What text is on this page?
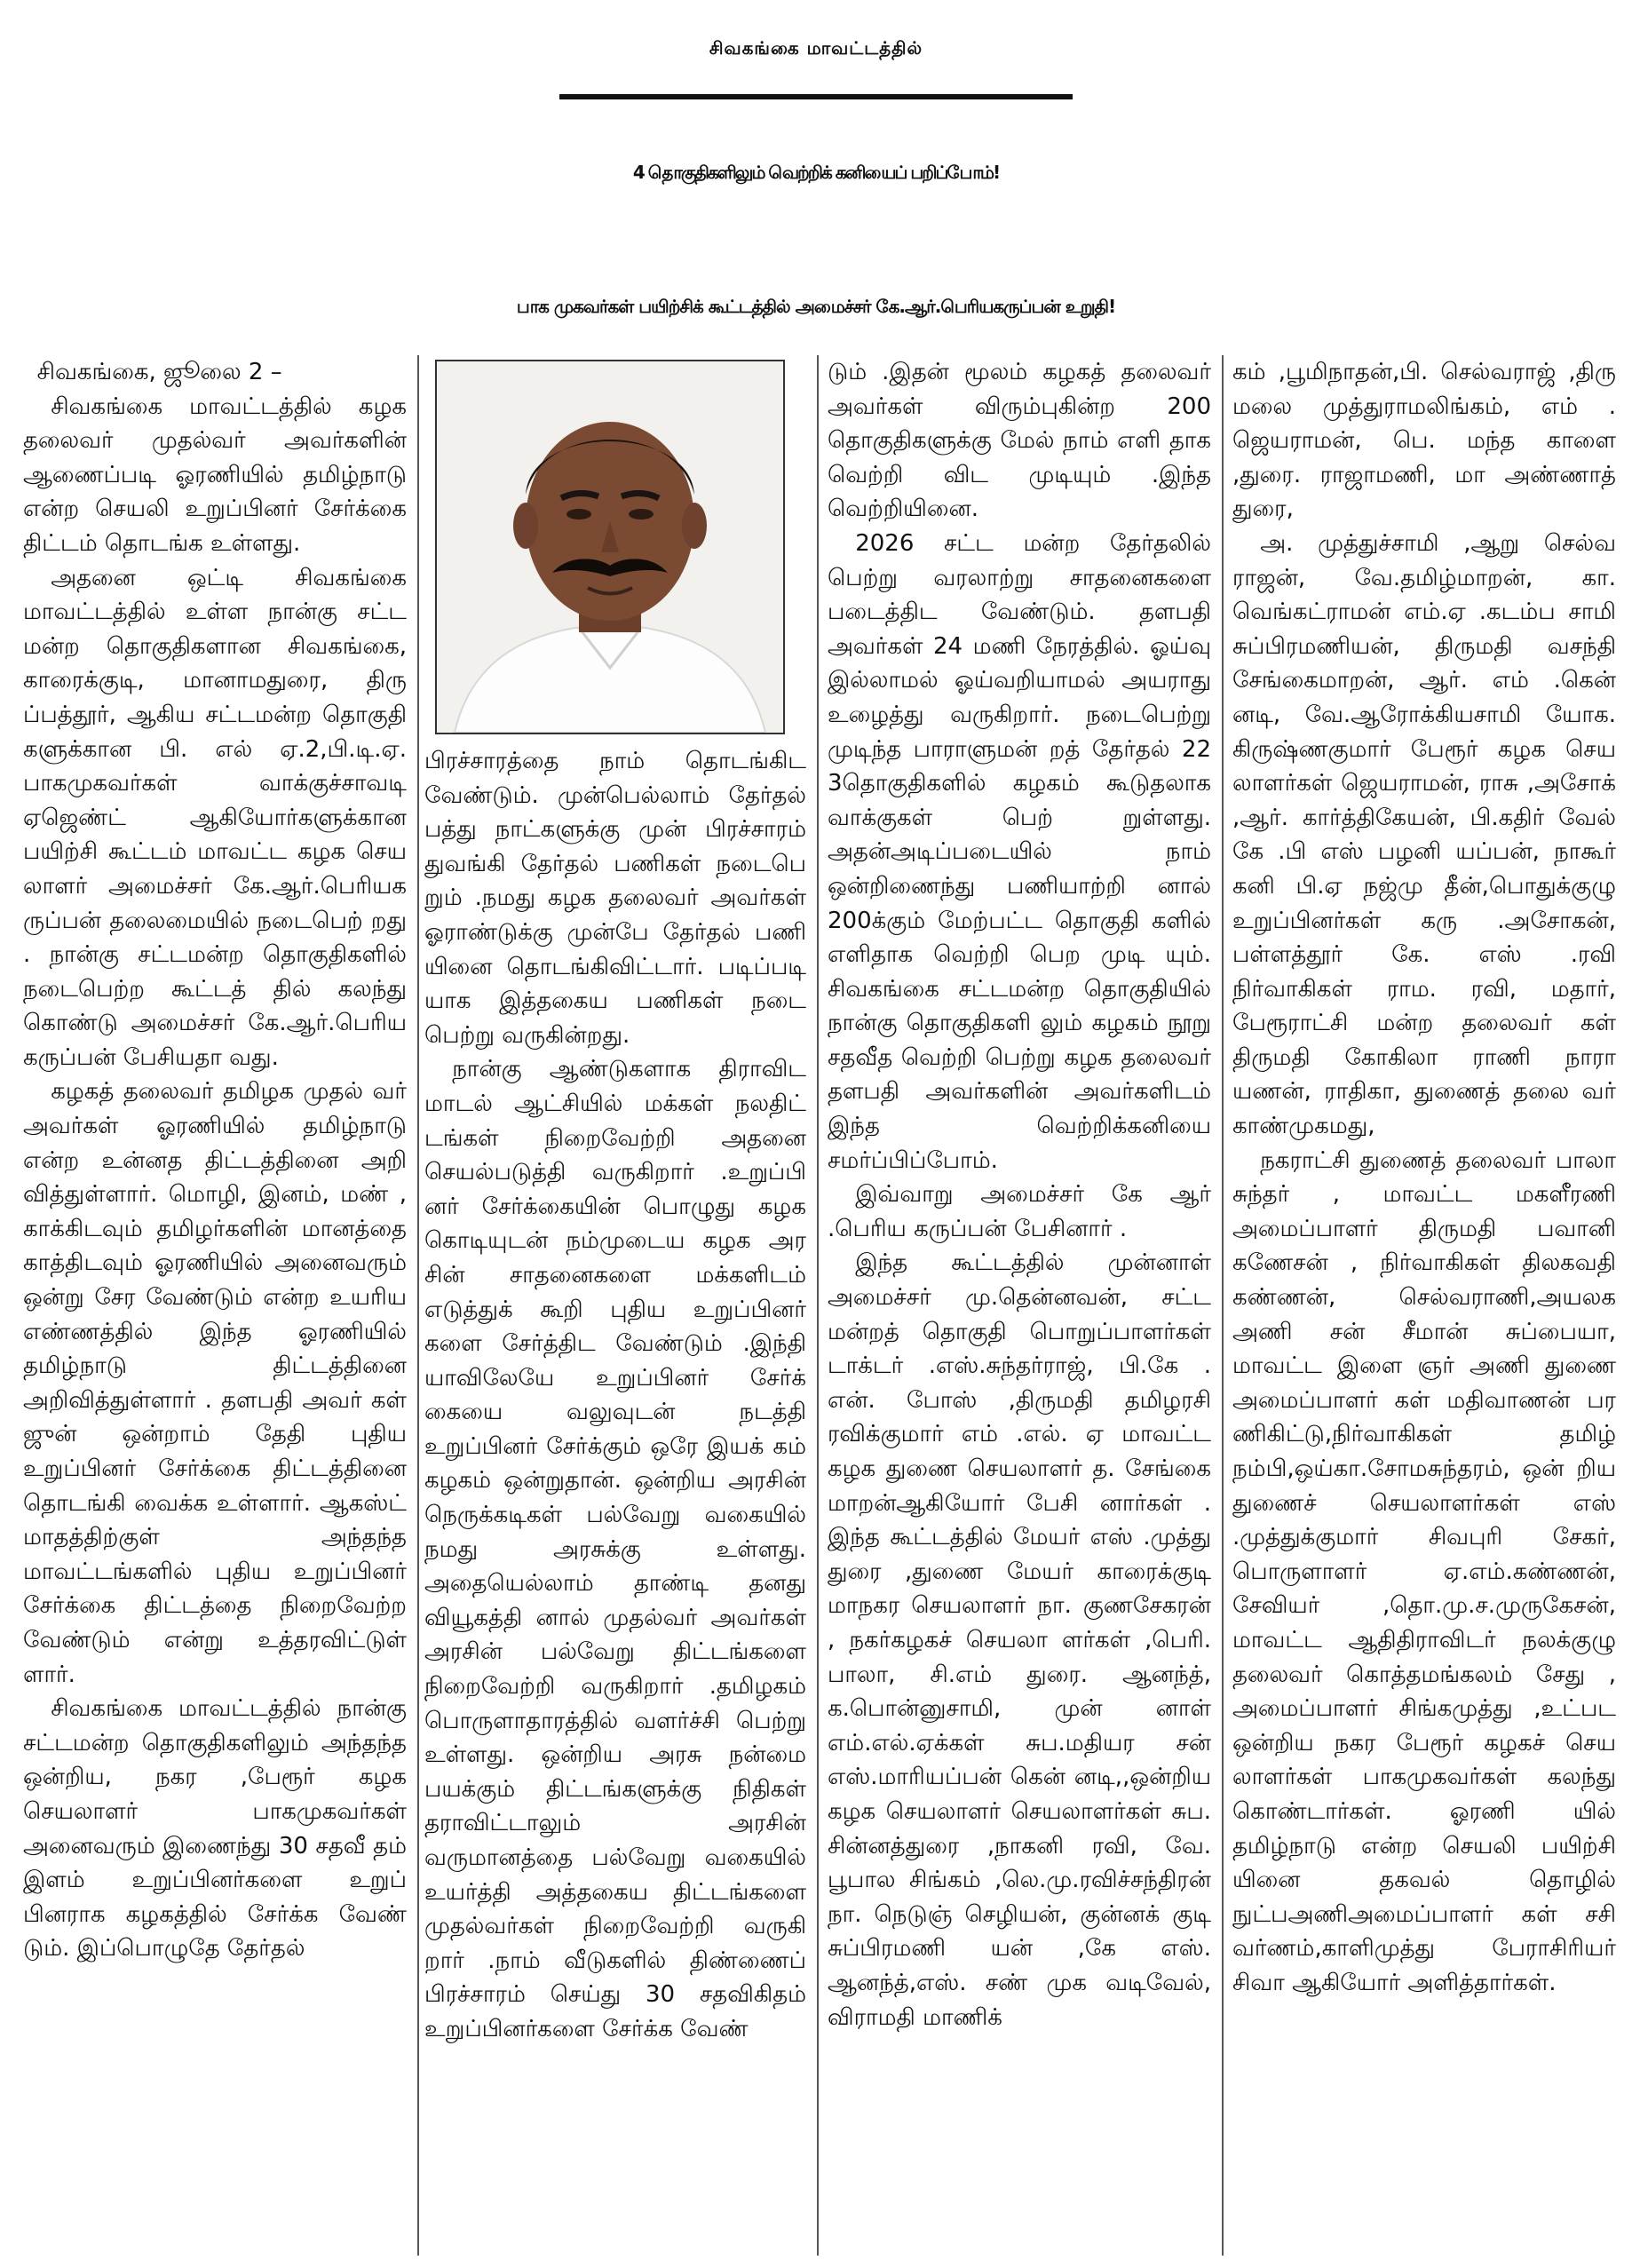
சிவகங்கை மாவட்டத்தில்
4 தொகுதிகளிலும் வெற்றிக் கனியைப் பறிப்போம்!
பாக முகவர்கள் பயிற்சிக் கூட்டத்தில் அமைச்சர் கே.ஆர்.பெரியகருப்பன் உறுதி!

சிவகங்கை, ஜூலை 2 –

சிவகங்கை மாவட்டத்தில் கழக தலைவர் முதல்வர் அவர்களின் ஆணைப்படி ஓரணியில் தமிழ்நாடு என்ற செயலி உறுப்பினர் சேர்க்கை திட்டம் தொடங்க உள்ளது.

அதனை ஒட்டி சிவகங்கை மாவட்டத்தில் உள்ள நான்கு சட்ட மன்ற தொகுதிகளான சிவகங்கை, காரைக்குடி, மானாமதுரை, திரு ப்பத்தூர், ஆகிய சட்டமன்ற தொகுதி களுக்கான பி. எல் ஏ.2,பி.டி.ஏ. பாகமுகவர்கள் வாக்குச்சாவடி ஏஜெண்ட் ஆகியோர்களுக்கான பயிற்சி கூட்டம் மாவட்ட கழக செய லாளர் அமைச்சர் கே.ஆர்.பெரியக ருப்பன் தலைமையில் நடைபெற் றது . நான்கு சட்டமன்ற தொகுதிகளில் நடைபெற்ற கூட்டத் தில் கலந்து கொண்டு அமைச்சர் கே.ஆர்.பெரிய கருப்பன் பேசியதா வது.

கழகத் தலைவர் தமிழக முதல் வர் அவர்கள் ஓரணியில் தமிழ்நாடு என்ற உன்னத திட்டத்தினை அறி வித்துள்ளார். மொழி, இனம், மண் , காக்கிடவும் தமிழர்களின் மானத்தை காத்திடவும் ஓரணியில் அனைவரும் ஒன்று சேர வேண்டும் என்ற உயரிய எண்ணத்தில் இந்த ஓரணியில் தமிழ்நாடு திட்டத்தினை அறிவித்துள்ளார் . தளபதி அவர் கள் ஜுன் ஒன்றாம் தேதி புதிய உறுப்பினர் சேர்க்கை திட்டத்தினை தொடங்கி வைக்க உள்ளார். ஆகஸ்ட் மாதத்திற்குள் அந்தந்த மாவட்டங்களில் புதிய உறுப்பினர் சேர்க்கை திட்டத்தை நிறைவேற்ற வேண்டும் என்று உத்தரவிட்டுள் ளார்.

சிவகங்கை மாவட்டத்தில் நான்கு சட்டமன்ற தொகுதிகளிலும் அந்தந்த ஒன்றிய, நகர ,பேரூர் கழக செயலாளர் பாகமுகவர்கள் அனைவரும் இணைந்து 30 சதவீ தம் இளம் உறுப்பினர்களை உறுப் பினராக கழகத்தில் சேர்க்க வேண் டும். இப்பொழுதே தேர்தல்

பிரச்சாரத்தை நாம் தொடங்கிட வேண்டும். முன்பெல்லாம் தேர்தல் பத்து நாட்களுக்கு முன் பிரச்சாரம் துவங்கி தேர்தல் பணிகள் நடைபெ றும் .நமது கழக தலைவர் அவர்கள் ஓராண்டுக்கு முன்பே தேர்தல் பணி யினை தொடங்கிவிட்டார். படிப்படி யாக இத்தகைய பணிகள் நடை பெற்று வருகின்றது.

நான்கு ஆண்டுகளாக திராவிட மாடல் ஆட்சியில் மக்கள் நலதிட் டங்கள் நிறைவேற்றி அதனை செயல்படுத்தி வருகிறார் .உறுப்பி னர் சேர்க்கையின் பொழுது கழக கொடியுடன் நம்முடைய கழக அர சின் சாதனைகளை மக்களிடம் எடுத்துக் கூறி புதிய உறுப்பினர் களை சேர்த்திட வேண்டும் .இந்தி யாவிலேயே உறுப்பினர் சேர்க் கையை வலுவுடன் நடத்தி உறுப்பினர் சேர்க்கும் ஒரே இயக் கம் கழகம் ஒன்றுதான். ஒன்றிய அரசின் நெருக்கடிகள் பல்வேறு வகையில் நமது அரசுக்கு உள்ளது. அதையெல்லாம் தாண்டி தனது வியூகத்தி னால் முதல்வர் அவர்கள் அரசின் பல்வேறு திட்டங்களை நிறைவேற்றி வருகிறார் .தமிழகம் பொருளாதாரத்தில் வளர்ச்சி பெற்று உள்ளது. ஒன்றிய அரசு நன்மை பயக்கும் திட்டங்களுக்கு நிதிகள் தராவிட்டாலும் அரசின் வருமானத்தை பல்வேறு வகையில் உயர்த்தி அத்தகைய திட்டங்களை முதல்வர்கள் நிறைவேற்றி வருகி றார் .நாம் வீடுகளில் திண்ணைப் பிரச்சாரம் செய்து 30 சதவிகிதம் உறுப்பினர்களை சேர்க்க வேண்

டும் .இதன் மூலம் கழகத் தலைவர் அவர்கள் விரும்புகின்ற 200 தொகுதிகளுக்கு மேல் நாம் எளி தாக வெற்றி விட முடியும் .இந்த வெற்றியினை.

2026 சட்ட மன்ற தேர்தலில் பெற்று வரலாற்று சாதனைகளை படைத்திட வேண்டும். தளபதி அவர்கள் 24 மணி நேரத்தில். ஓய்வு இல்லாமல் ஓய்வறியாமல் அயராது உழைத்து வருகிறார். நடைபெற்று முடிந்த பாராளுமன் றத் தேர்தல் 22 3தொகுதிகளில் கழகம் கூடுதலாக வாக்குகள் பெற் றுள்ளது. அதன்அடிப்படையில் நாம் ஒன்றிணைந்து பணியாற்றி னால் 200க்கும் மேற்பட்ட தொகுதி களில் எளிதாக வெற்றி பெற முடி யும். சிவகங்கை சட்டமன்ற தொகுதியில் நான்கு தொகுதிகளி லும் கழகம் நூறு சதவீத வெற்றி பெற்று கழக தலைவர் தளபதி அவர்களின் அவர்களிடம் இந்த வெற்றிக்கனியை சமர்ப்பிப்போம்.

இவ்வாறு அமைச்சர் கே ஆர் .பெரிய கருப்பன் பேசினார் .

இந்த கூட்டத்தில் முன்னாள் அமைச்சர் மு.தென்னவன், சட்ட மன்றத் தொகுதி பொறுப்பாளர்கள் டாக்டர் .எஸ்.சுந்தர்ராஜ், பி.கே . என். போஸ் ,திருமதி தமிழரசி ரவிக்குமார் எம் .எல். ஏ மாவட்ட கழக துணை செயலாளர் த. சேங்கை மாறன்ஆகியோர் பேசி னார்கள் . இந்த கூட்டத்தில் மேயர் எஸ் .முத்து துரை ,துணை மேயர் காரைக்குடி மாநகர செயலாளர் நா. குணசேகரன் , நகர்கழகச் செயலா ளர்கள் ,பெரி. பாலா, சி.எம் துரை. ஆனந்த், க.பொன்னுசாமி, முன் னாள் எம்.எல்.ஏக்கள் சுப.மதியர சன் எஸ்.மாரியப்பன் கென் னடி,,ஒன்றிய கழக செயலாளர் செயலாளர்கள் சுப. சின்னத்துரை ,நாகனி ரவி, வே. பூபால சிங்கம் ,லெ.மு.ரவிச்சந்திரன் நா. நெடுஞ் செழியன், குன்னக் குடி சுப்பிரமணி யன் ,கே எஸ். ஆனந்த்,எஸ். சண் முக வடிவேல், விராமதி மாணிக்

கம் ,பூமிநாதன்,பி. செல்வராஜ் ,திரு மலை முத்துராமலிங்கம், எம் . ஜெயராமன், பெ. மந்த காளை ,துரை. ராஜாமணி, மா அண்ணாத் துரை,

அ. முத்துச்சாமி ,ஆறு செல்வ ராஜன், வே.தமிழ்மாறன், கா. வெங்கட்ராமன் எம்.ஏ .கடம்ப சாமி சுப்பிரமணியன், திருமதி வசந்தி சேங்கைமாறன், ஆர். எம் .கென் னடி, வே.ஆரோக்கியசாமி யோக. கிருஷ்ணகுமார் பேரூர் கழக செய லாளர்கள் ஜெயராமன், ராசு ,அசோக் ,ஆர். கார்த்திகேயன், பி.கதிர் வேல் கே .பி எஸ் பழனி யப்பன், நாகூர் கனி பி.ஏ நஜ்மு தீன்,பொதுக்குழு உறுப்பினர்கள் கரு .அசோகன், பள்ளத்தூர் கே. எஸ் .ரவி நிர்வாகிகள் ராம. ரவி, மதார், பேரூராட்சி மன்ற தலைவர் கள் திருமதி கோகிலா ராணி நாரா யணன், ராதிகா, துணைத் தலை வர் காண்முகமது,

நகராட்சி துணைத் தலைவர் பாலா சுந்தர் , மாவட்ட மகளீரணி அமைப்பாளர் திருமதி பவானி கணேசன் , நிர்வாகிகள் திலகவதி கண்ணன், செல்வராணி,அயலக அணி சன் சீமான் சுப்பையா, மாவட்ட இளை ஞர் அணி துணை அமைப்பாளர் கள் மதிவாணன் பர ணிகிட்டு,நிர்வாகிகள் தமிழ் நம்பி,ஒய்கா.சோமசுந்தரம், ஒன் றிய துணைச் செயலாளர்கள் எஸ் .முத்துக்குமார் சிவபுரி சேகர், பொருளாளர் ஏ.எம்.கண்ணன், சேவியர் ,தொ.மு.ச.முருகேசன், மாவட்ட ஆதிதிராவிடர் நலக்குழு தலைவர் கொத்தமங்கலம் சேது , அமைப்பாளர் சிங்கமுத்து ,உட்பட ஒன்றிய நகர பேரூர் கழகச் செய லாளர்கள் பாகமுகவர்கள் கலந்து கொண்டார்கள். ஓரணி யில் தமிழ்நாடு என்ற செயலி பயிற்சி யினை தகவல் தொழில் நுட்பஅணிஅமைப்பாளர் கள் சசி வர்ணம்,காளிமுத்து பேராசிரியர் சிவா ஆகியோர் அளித்தார்கள்.
